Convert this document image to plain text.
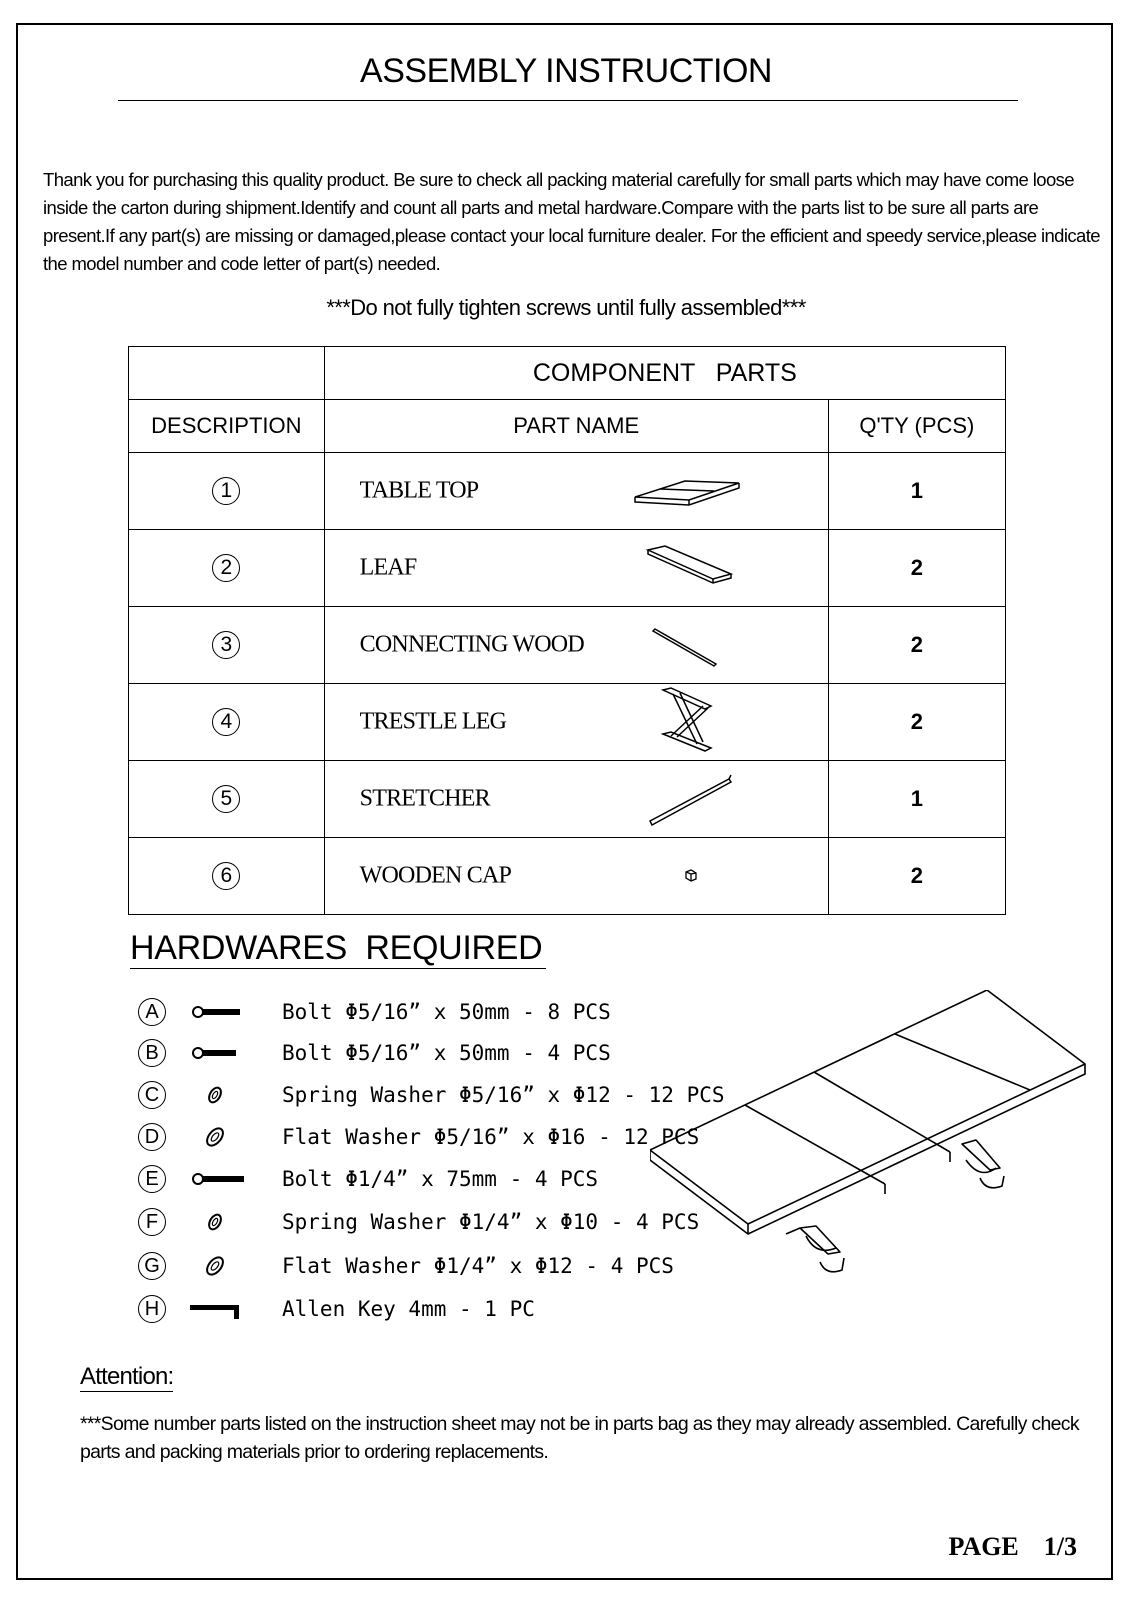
ASSEMBLY INSTRUCTION
Thank you for purchasing this quality product. Be sure to check all packing material carefully for small parts which may have come loose inside the carton during shipment.Identify and count all parts and metal hardware.Compare with the parts list to be sure all parts are present.If any part(s) are missing or damaged,please contact your local furniture dealer. For the efficient and speedy service,please indicate the model number and code letter of part(s) needed.
***Do not fully tighten screws until fully assembled***
	COMPONENT PARTS	
DESCRIPTION	PART NAME	Q'TY (PCS)
1	TABLE TOP	1
2	LEAF	2
3	CONNECTING WOOD	2
4	TRESTLE LEG	2
5	STRETCHER	1
6	WOODEN CAP	2
HARDWARES  REQUIRED
A	Bolt Φ5/16” x 50mm - 8 PCS
B	Bolt Φ5/16” x 50mm - 4 PCS
C	Spring Washer Φ5/16” x Φ12 - 12 PCS
D	Flat Washer Φ5/16” x Φ16 - 12 PCS
E	Bolt Φ1/4” x 75mm - 4 PCS
F	Spring Washer Φ1/4” x Φ10 - 4 PCS
G	Flat Washer Φ1/4” x Φ12 - 4 PCS
H	Allen Key 4mm - 1 PC
Attention:
***Some number parts listed on the instruction sheet may not be in parts bag as they may already assembled. Carefully check parts and packing materials prior to ordering replacements.
PAGE  1/3
